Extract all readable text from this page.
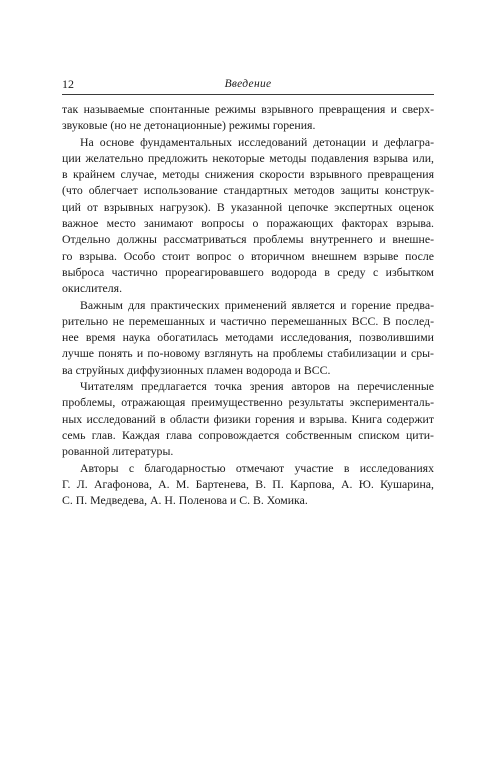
12	Введение
так называемые спонтанные режимы взрывного превращения и сверх-
звуковые (но не детонационные) режимы горения.
На основе фундаментальных исследований детонации и дефлагра-
ции желательно предложить некоторые методы подавления взрыва или,
в крайнем случае, методы снижения скорости взрывного превращения
(что облегчает использование стандартных методов защиты конструк-
ций от взрывных нагрузок). В указанной цепочке экспертных оценок
важное место занимают вопросы о поражающих факторах взрыва.
Отдельно должны рассматриваться проблемы внутреннего и внешне-
го взрыва. Особо стоит вопрос о вторичном внешнем взрыве после
выброса частично прореагировавшего водорода в среду с избытком
окислителя.
Важным для практических применений является и горение предва-
рительно не перемешанных и частично перемешанных ВСС. В послед-
нее время наука обогатилась методами исследования, позволившими
лучше понять и по-новому взглянуть на проблемы стабилизации и сры-
ва струйных диффузионных пламен водорода и ВСС.
Читателям предлагается точка зрения авторов на перечисленные
проблемы, отражающая преимущественно результаты эксперименталь-
ных исследований в области физики горения и взрыва. Книга содержит
семь глав. Каждая глава сопровождается собственным списком цити-
рованной литературы.
Авторы с благодарностью отмечают участие в исследованиях
Г. Л. Агафонова, А. М. Бартенева, В. П. Карпова, А. Ю. Кушарина,
С. П. Медведева, А. Н. Поленова и С. В. Хомика.
